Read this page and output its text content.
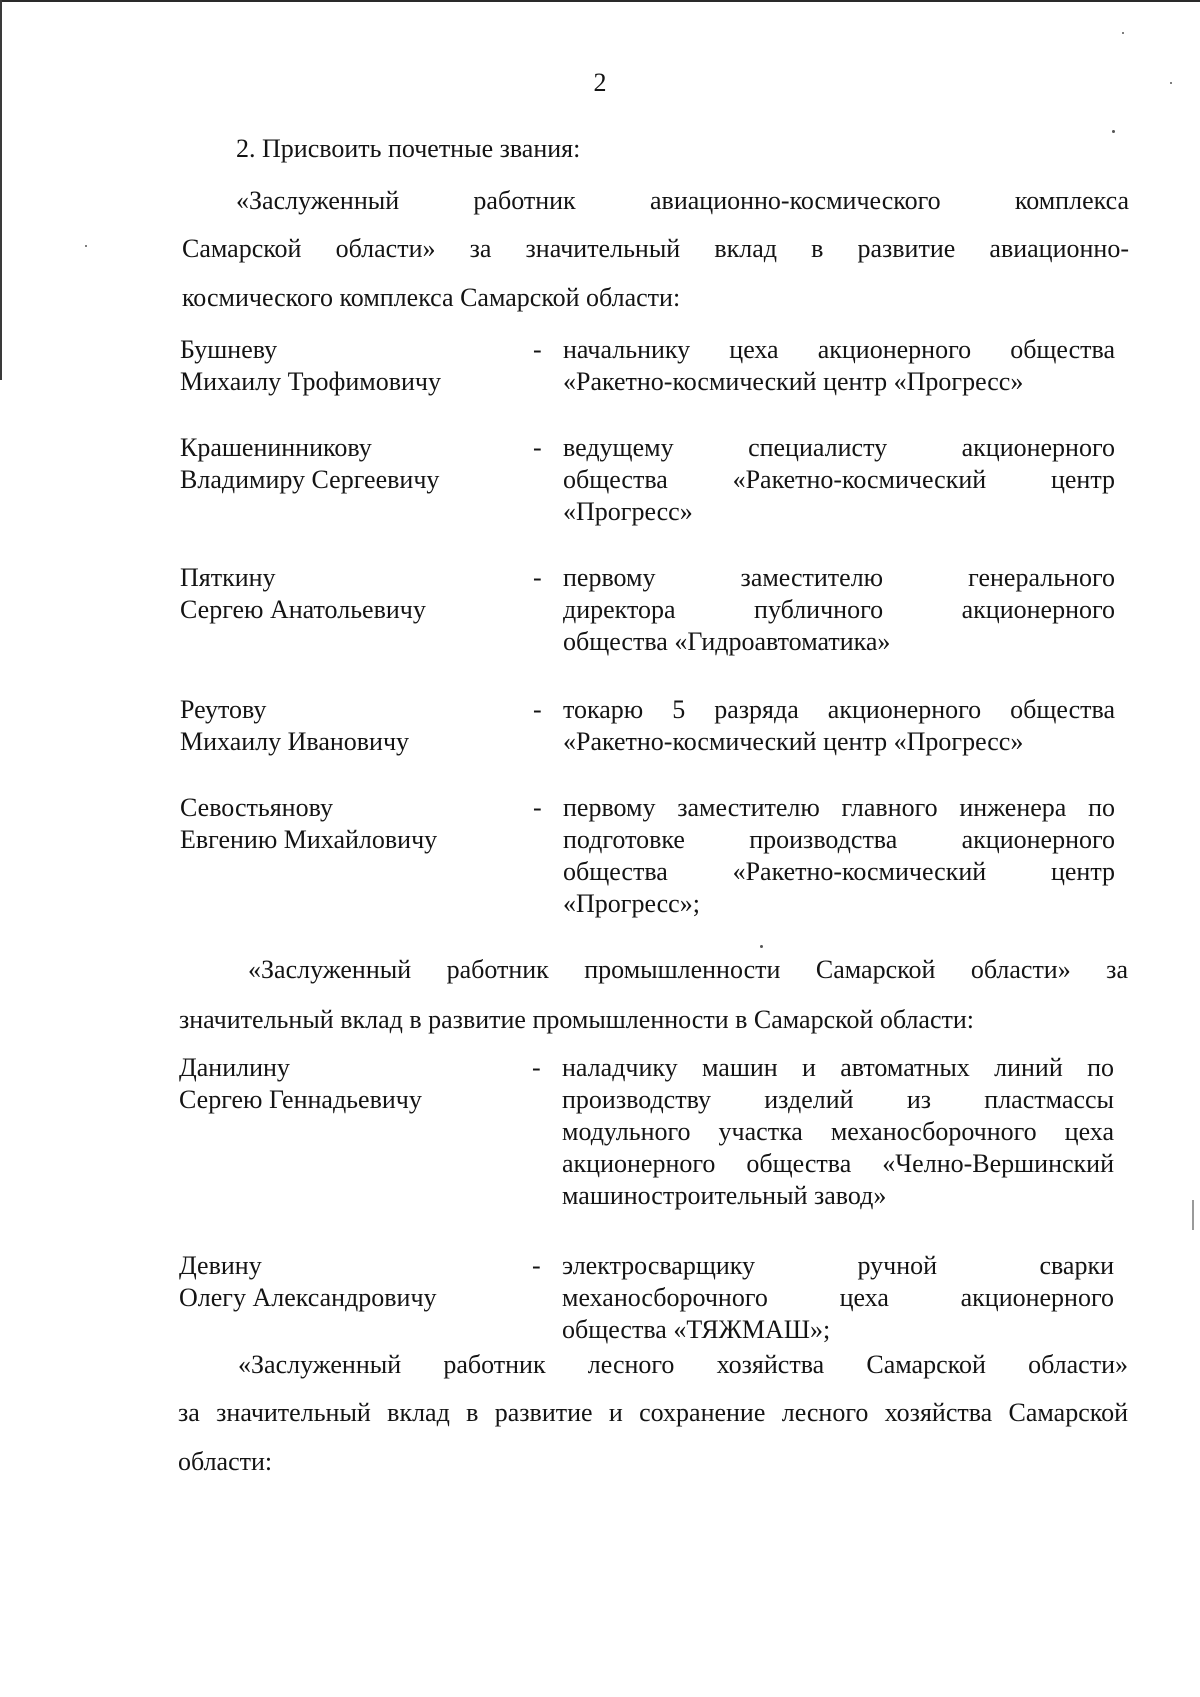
2
2. Присвоить почетные звания:
«Заслуженный работник авиационно-космического комплекса
Самарской области» за значительный вклад в развитие авиационно-
космического комплекса Самарской области:
Бушневу
Михаилу Трофимовичу
- начальнику цеха акционерного общества
«Ракетно-космический центр «Прогресс»
Крашенинникову
Владимиру Сергеевичу
- ведущему специалисту акционерного
общества «Ракетно-космический центр
«Прогресс»
Пяткину
Сергею Анатольевичу
- первому заместителю генерального
директора публичного акционерного
общества «Гидроавтоматика»
Реутову
Михаилу Ивановичу
- токарю 5 разряда акционерного общества
«Ракетно-космический центр «Прогресс»
Севостьянову
Евгению Михайловичу
- первому заместителю главного инженера по
подготовке производства акционерного
общества «Ракетно-космический центр
«Прогресс»;
«Заслуженный работник промышленности Самарской области» за
значительный вклад в развитие промышленности в Самарской области:
Данилину
Сергею Геннадьевичу
- наладчику машин и автоматных линий по
производству изделий из пластмассы
модульного участка механосборочного цеха
акционерного общества «Челно-Вершинский
машиностроительный завод»
Девину
Олегу Александровичу
- электросварщику ручной сварки
механосборочного цеха акционерного
общества «ТЯЖМАШ»;
«Заслуженный работник лесного хозяйства Самарской области»
за значительный вклад в развитие и сохранение лесного хозяйства Самарской
области:
